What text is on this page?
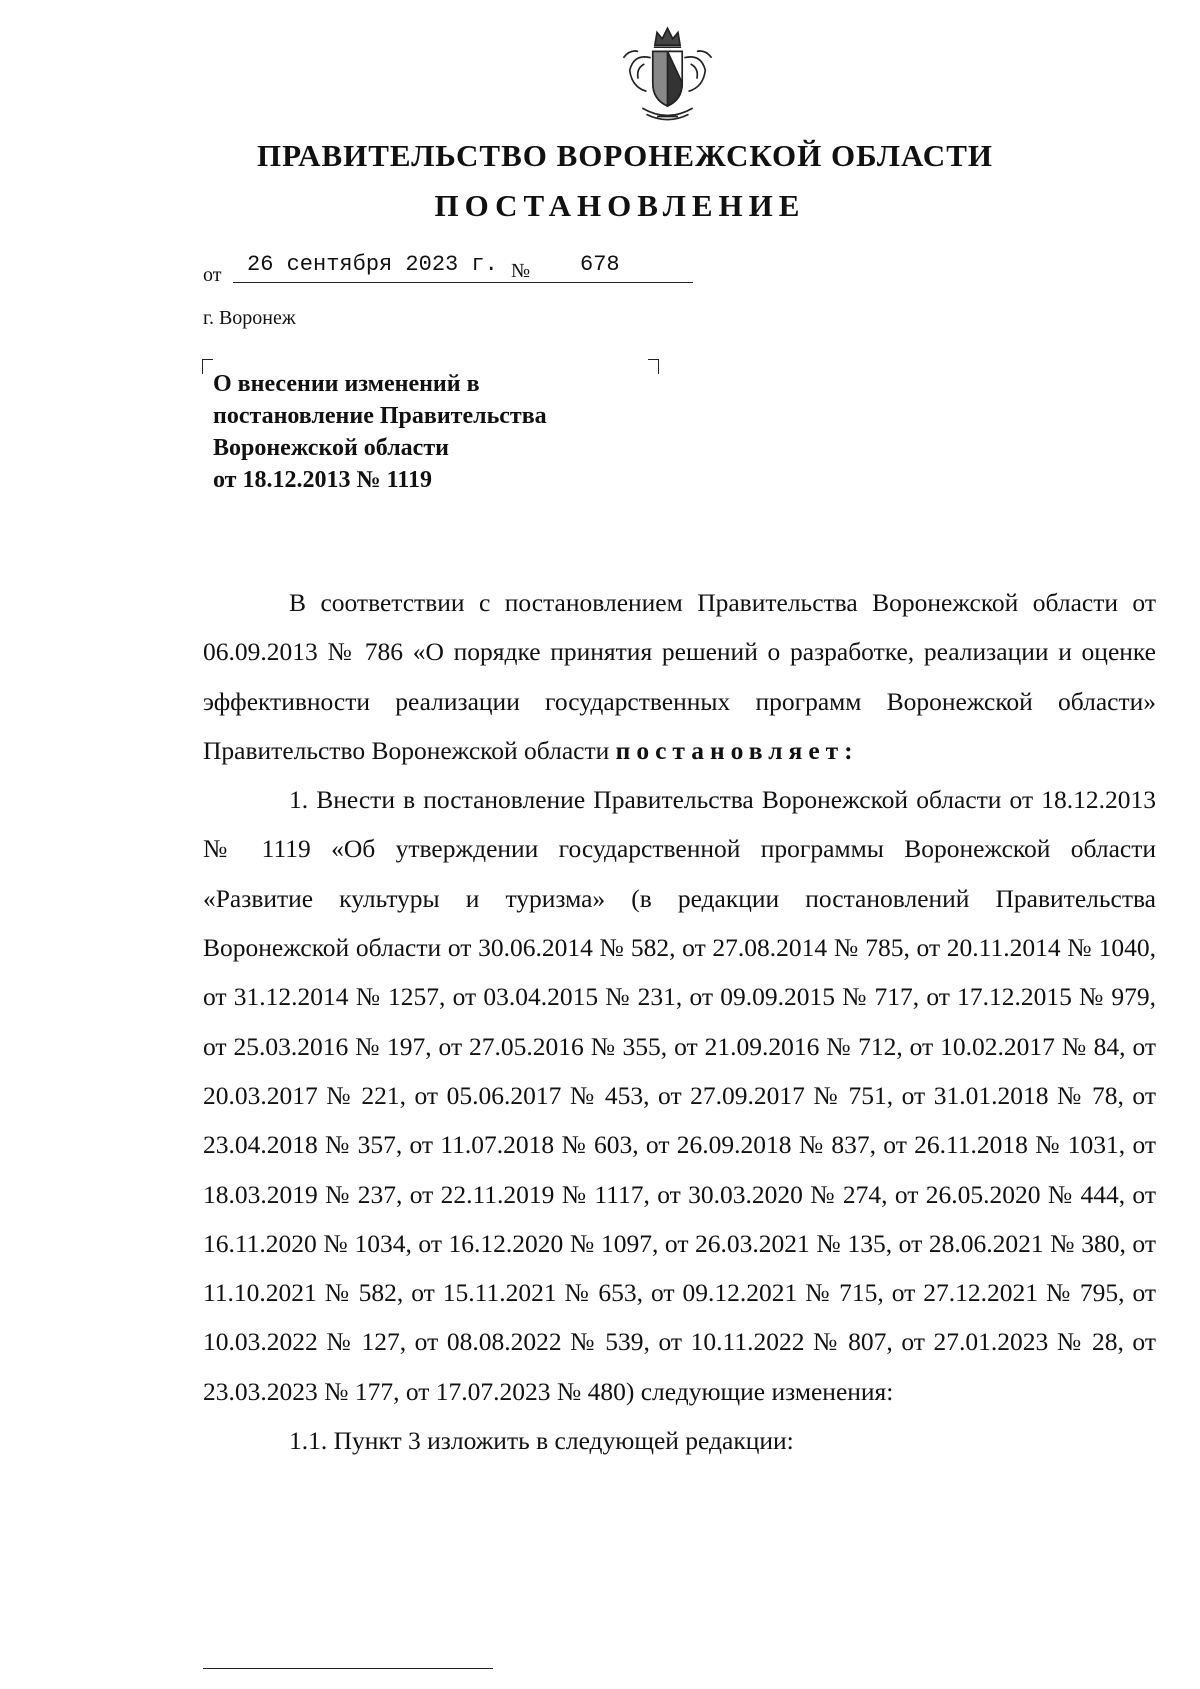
ПРАВИТЕЛЬСТВО ВОРОНЕЖСКОЙ ОБЛАСТИ
ПОСТАНОВЛЕНИЕ
от 26 сентября 2023 г. № 678
г. Воронеж
О внесении изменений в
постановление Правительства
Воронежской области
от 18.12.2013 № 1119

В соответствии с постановлением Правительства Воронежской области от 06.09.2013 № 786 «О порядке принятия решений о разработке, реализации и оценке эффективности реализации государственных программ Воронежской области» Правительство Воронежской области постановляет:

1. Внести в постановление Правительства Воронежской области от 18.12.2013 № 1119 «Об утверждении государственной программы Воронежской области «Развитие культуры и туризма» (в редакции постановлений Правительства Воронежской области от 30.06.2014 № 582, от 27.08.2014 № 785, от 20.11.2014 № 1040, от 31.12.2014 № 1257, от 03.04.2015 № 231, от 09.09.2015 № 717, от 17.12.2015 № 979, от 25.03.2016 № 197, от 27.05.2016 № 355, от 21.09.2016 № 712, от 10.02.2017 № 84, от 20.03.2017 № 221, от 05.06.2017 № 453, от 27.09.2017 № 751, от 31.01.2018 № 78, от 23.04.2018 № 357, от 11.07.2018 № 603, от 26.09.2018 № 837, от 26.11.2018 № 1031, от 18.03.2019 № 237, от 22.11.2019 № 1117, от 30.03.2020 № 274, от 26.05.2020 № 444, от 16.11.2020 № 1034, от 16.12.2020 № 1097, от 26.03.2021 № 135, от 28.06.2021 № 380, от 11.10.2021 № 582, от 15.11.2021 № 653, от 09.12.2021 № 715, от 27.12.2021 № 795, от 10.03.2022 № 127, от 08.08.2022 № 539, от 10.11.2022 № 807, от 27.01.2023 № 28, от 23.03.2023 № 177, от 17.07.2023 № 480) следующие изменения:

1.1. Пункт 3 изложить в следующей редакции:
